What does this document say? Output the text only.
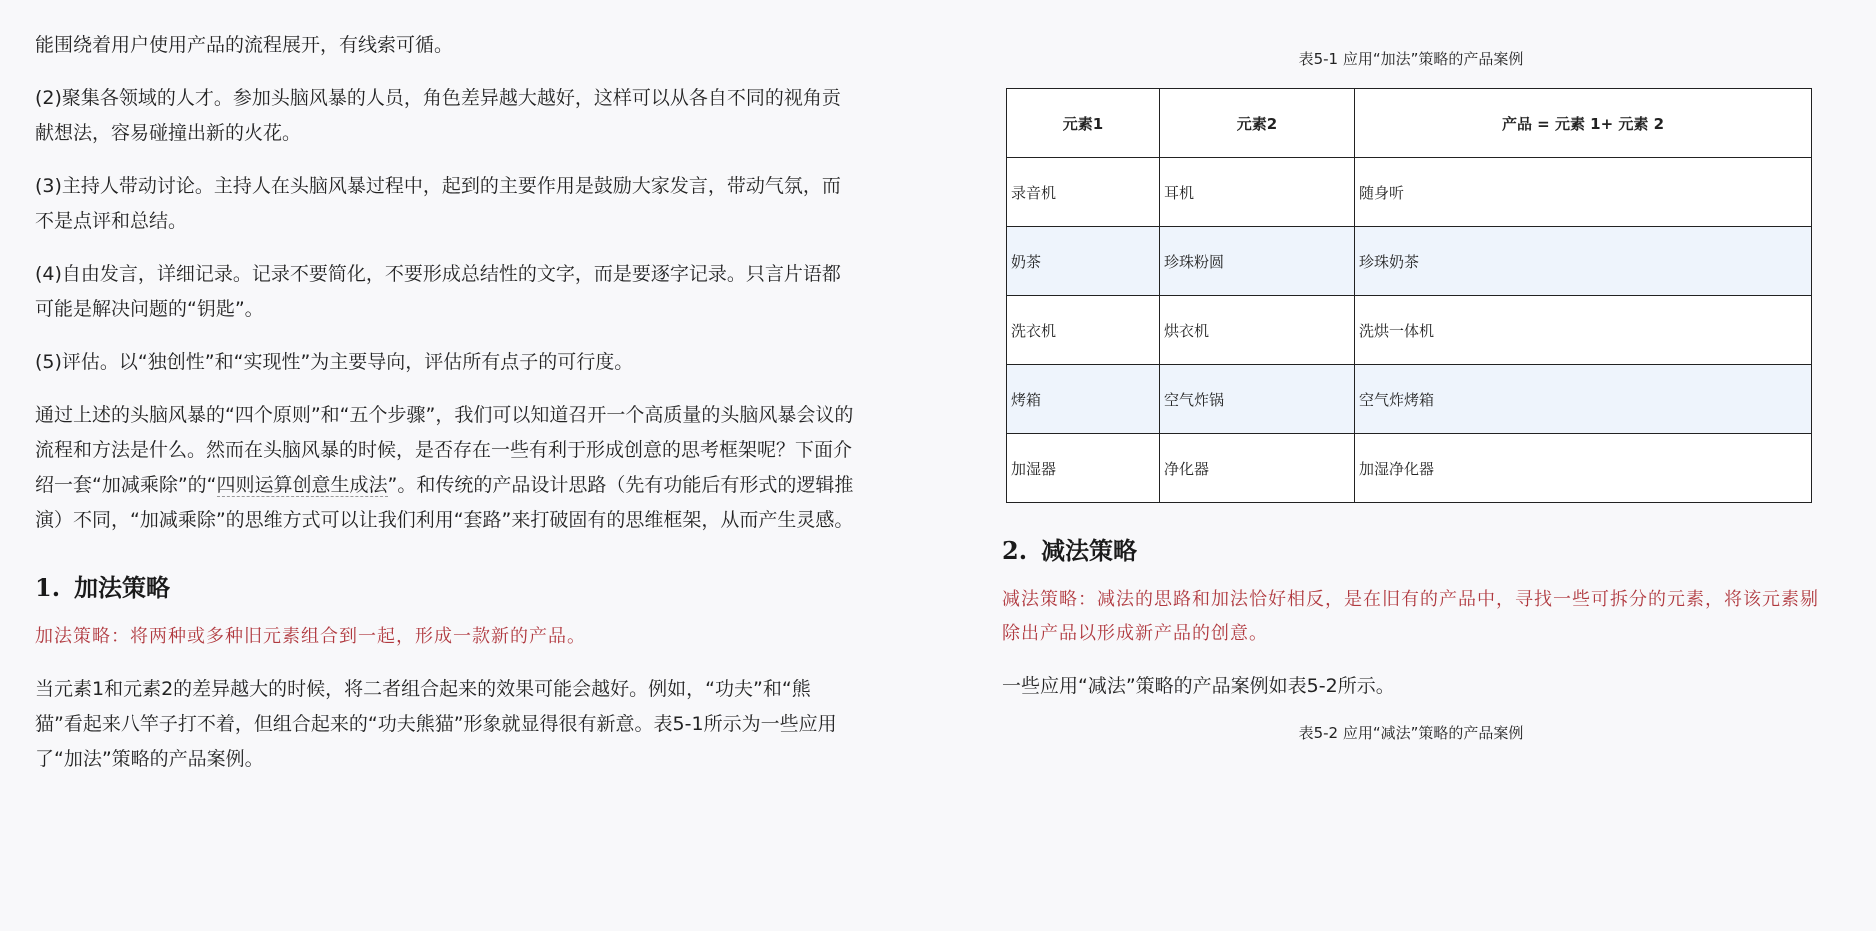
能围绕着用户使用产品的流程展开，有线索可循。

(2)聚集各领域的人才。参加头脑风暴的人员，角色差异越大越好，这样可以从各自不同的视角贡献想法，容易碰撞出新的火花。

(3)主持人带动讨论。主持人在头脑风暴过程中，起到的主要作用是鼓励大家发言，带动气氛，而不是点评和总结。

(4)自由发言，详细记录。记录不要简化，不要形成总结性的文字，而是要逐字记录。只言片语都可能是解决问题的“钥匙”。

(5)评估。以“独创性”和“实现性”为主要导向，评估所有点子的可行度。

通过上述的头脑风暴的“四个原则”和“五个步骤”，我们可以知道召开一个高质量的头脑风暴会议的流程和方法是什么。然而在头脑风暴的时候，是否存在一些有利于形成创意的思考框架呢？下面介绍一套“加减乘除”的“四则运算创意生成法”。和传统的产品设计思路（先有功能后有形式的逻辑推演）不同，“加减乘除”的思维方式可以让我们利用“套路”来打破固有的思维框架，从而产生灵感。

1. 加法策略

加法策略：将两种或多种旧元素组合到一起，形成一款新的产品。

当元素1和元素2的差异越大的时候，将二者组合起来的效果可能会越好。例如，“功夫”和“熊猫”看起来八竿子打不着，但组合起来的“功夫熊猫”形象就显得很有新意。表5-1所示为一些应用了“加法”策略的产品案例。

表5-1 应用“加法”策略的产品案例
元素1	元素2	产品 = 元素 1+ 元素 2
录音机	耳机	随身听
奶茶	珍珠粉圆	珍珠奶茶
洗衣机	烘衣机	洗烘一体机
烤箱	空气炸锅	空气炸烤箱
加湿器	净化器	加湿净化器
2. 减法策略

减法策略：减法的思路和加法恰好相反，是在旧有的产品中，寻找一些可拆分的元素，将该元素剔除出产品以形成新产品的创意。

一些应用“减法”策略的产品案例如表5-2所示。

表5-2 应用“减法”策略的产品案例
